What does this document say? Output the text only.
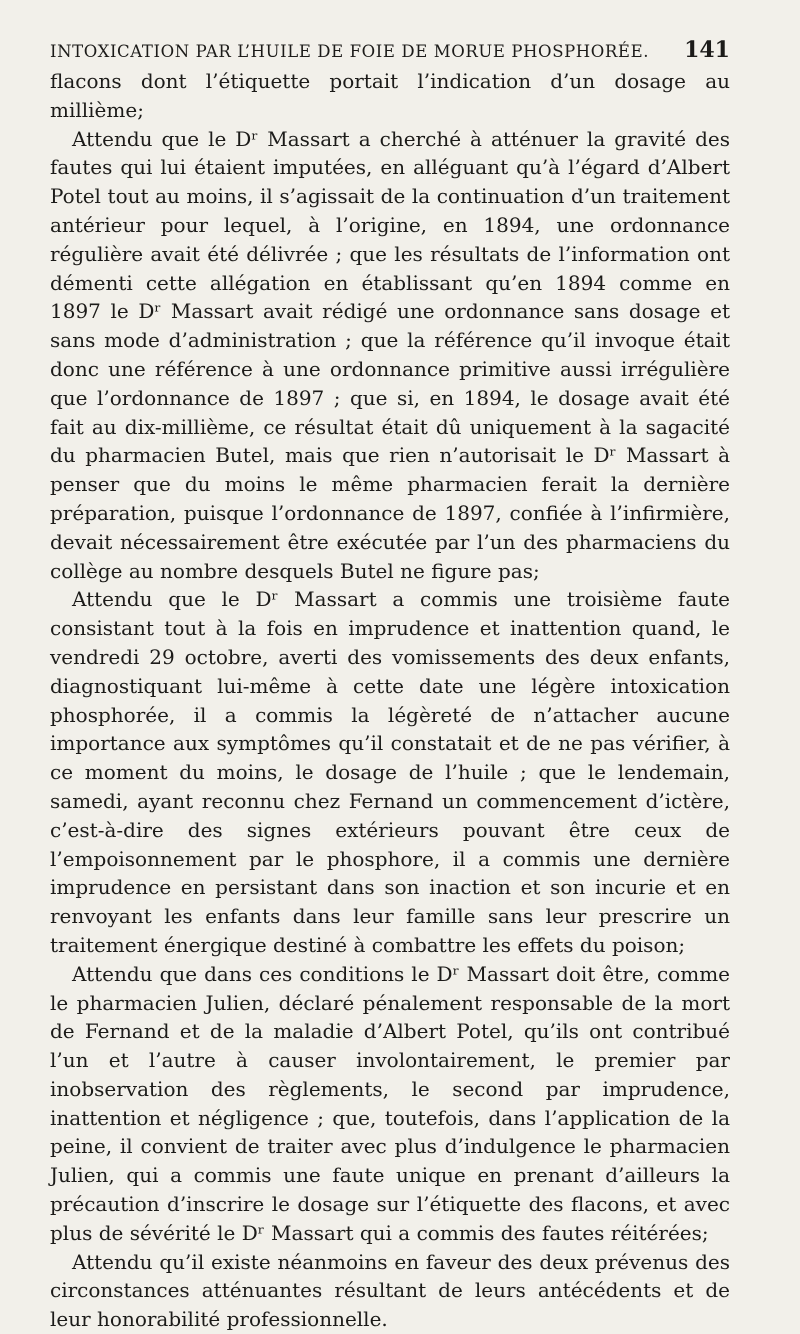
INTOXICATION PAR L’HUILE DE FOIE DE MORUE PHOSPHORÉE. 141

flacons dont l’étiquette portait l’indication d’un dosage au millième;

Attendu que le Dʳ Massart a cherché à atténuer la gravité des fautes qui lui étaient imputées, en alléguant qu’à l’égard d’Albert Potel tout au moins, il s’agissait de la continuation d’un traitement antérieur pour lequel, à l’origine, en 1894, une ordonnance régulière avait été délivrée ; que les résultats de l’information ont démenti cette allégation en établissant qu’en 1894 comme en 1897 le Dʳ Massart avait rédigé une ordonnance sans dosage et sans mode d’administration ; que la référence qu’il invoque était donc une référence à une ordonnance primitive aussi irrégulière que l’ordonnance de 1897 ; que si, en 1894, le dosage avait été fait au dix-millième, ce résultat était dû uniquement à la sagacité du pharmacien Butel, mais que rien n’autorisait le Dʳ Massart à penser que du moins le même pharmacien ferait la dernière préparation, puisque l’ordonnance de 1897, confiée à l’infirmière, devait nécessairement être exécutée par l’un des pharmaciens du collège au nombre desquels Butel ne figure pas;

Attendu que le Dʳ Massart a commis une troisième faute consistant tout à la fois en imprudence et inattention quand, le vendredi 29 octobre, averti des vomissements des deux enfants, diagnostiquant lui-même à cette date une légère intoxication phosphorée, il a commis la légèreté de n’attacher aucune importance aux symptômes qu’il constatait et de ne pas vérifier, à ce moment du moins, le dosage de l’huile ; que le lendemain, samedi, ayant reconnu chez Fernand un commencement d’ictère, c’est-à-dire des signes extérieurs pouvant être ceux de l’empoisonnement par le phosphore, il a commis une dernière imprudence en persistant dans son inaction et son incurie et en renvoyant les enfants dans leur famille sans leur prescrire un traitement énergique destiné à combattre les effets du poison;

Attendu que dans ces conditions le Dʳ Massart doit être, comme le pharmacien Julien, déclaré pénalement responsable de la mort de Fernand et de la maladie d’Albert Potel, qu’ils ont contribué l’un et l’autre à causer involontairement, le premier par inobservation des règlements, le second par imprudence, inattention et négligence ; que, toutefois, dans l’application de la peine, il convient de traiter avec plus d’indulgence le pharmacien Julien, qui a commis une faute unique en prenant d’ailleurs la précaution d’inscrire le dosage sur l’étiquette des flacons, et avec plus de sévérité le Dʳ Massart qui a commis des fautes réitérées;

Attendu qu’il existe néanmoins en faveur des deux prévenus des circonstances atténuantes résultant de leurs antécédents et de leur honorabilité professionnelle.
